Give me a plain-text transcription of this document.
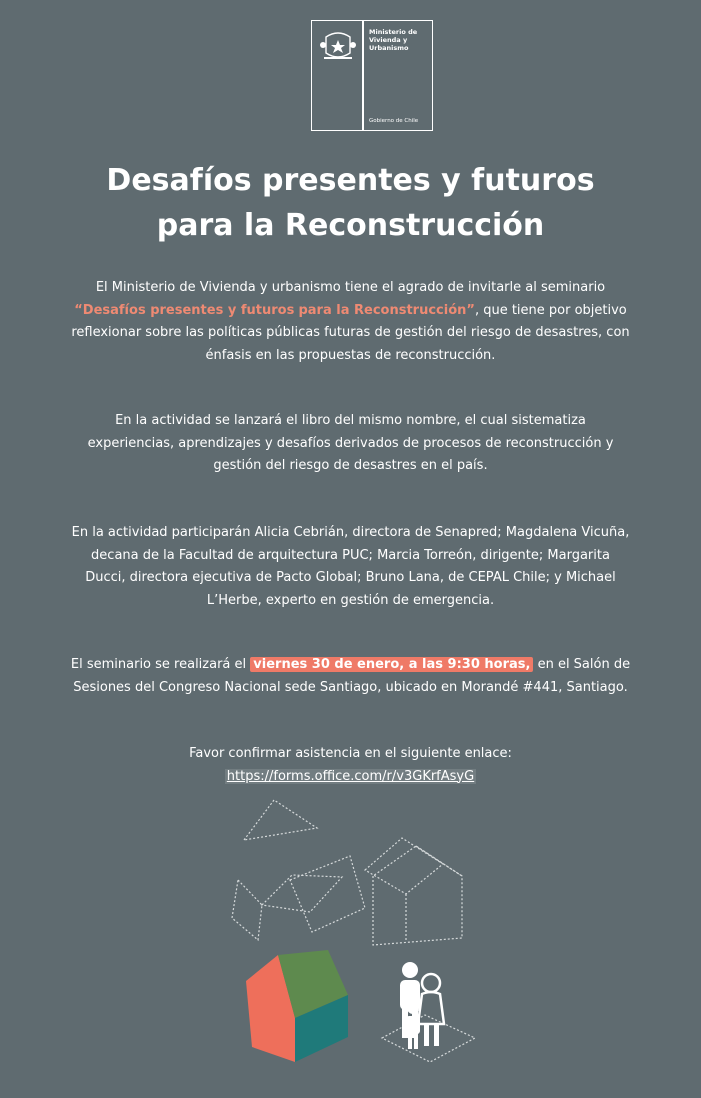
Ministerio de
Vivienda y
Urbanismo
Gobierno de Chile
Desafíos presentes y futuros
para la Reconstrucción

El Ministerio de Vivienda y urbanismo tiene el agrado de invitarle al seminario “Desafíos presentes y futuros para la Reconstrucción”, que tiene por objetivo reflexionar sobre las políticas públicas futuras de gestión del riesgo de desastres, con énfasis en las propuestas de reconstrucción.

En la actividad se lanzará el libro del mismo nombre, el cual sistematiza experiencias, aprendizajes y desafíos derivados de procesos de reconstrucción y gestión del riesgo de desastres en el país.

En la actividad participarán Alicia Cebrián, directora de Senapred; Magdalena Vicuña, decana de la Facultad de arquitectura PUC; Marcia Torreón, dirigente; Margarita Ducci, directora ejecutiva de Pacto Global; Bruno Lana, de CEPAL Chile; y Michael L’Herbe, experto en gestión de emergencia.

El seminario se realizará el viernes 30 de enero, a las 9:30 horas, en el Salón de Sesiones del Congreso Nacional sede Santiago, ubicado en Morandé #441, Santiago.

Favor confirmar asistencia en el siguiente enlace:
https://forms.office.com/r/v3GKrfAsyG
